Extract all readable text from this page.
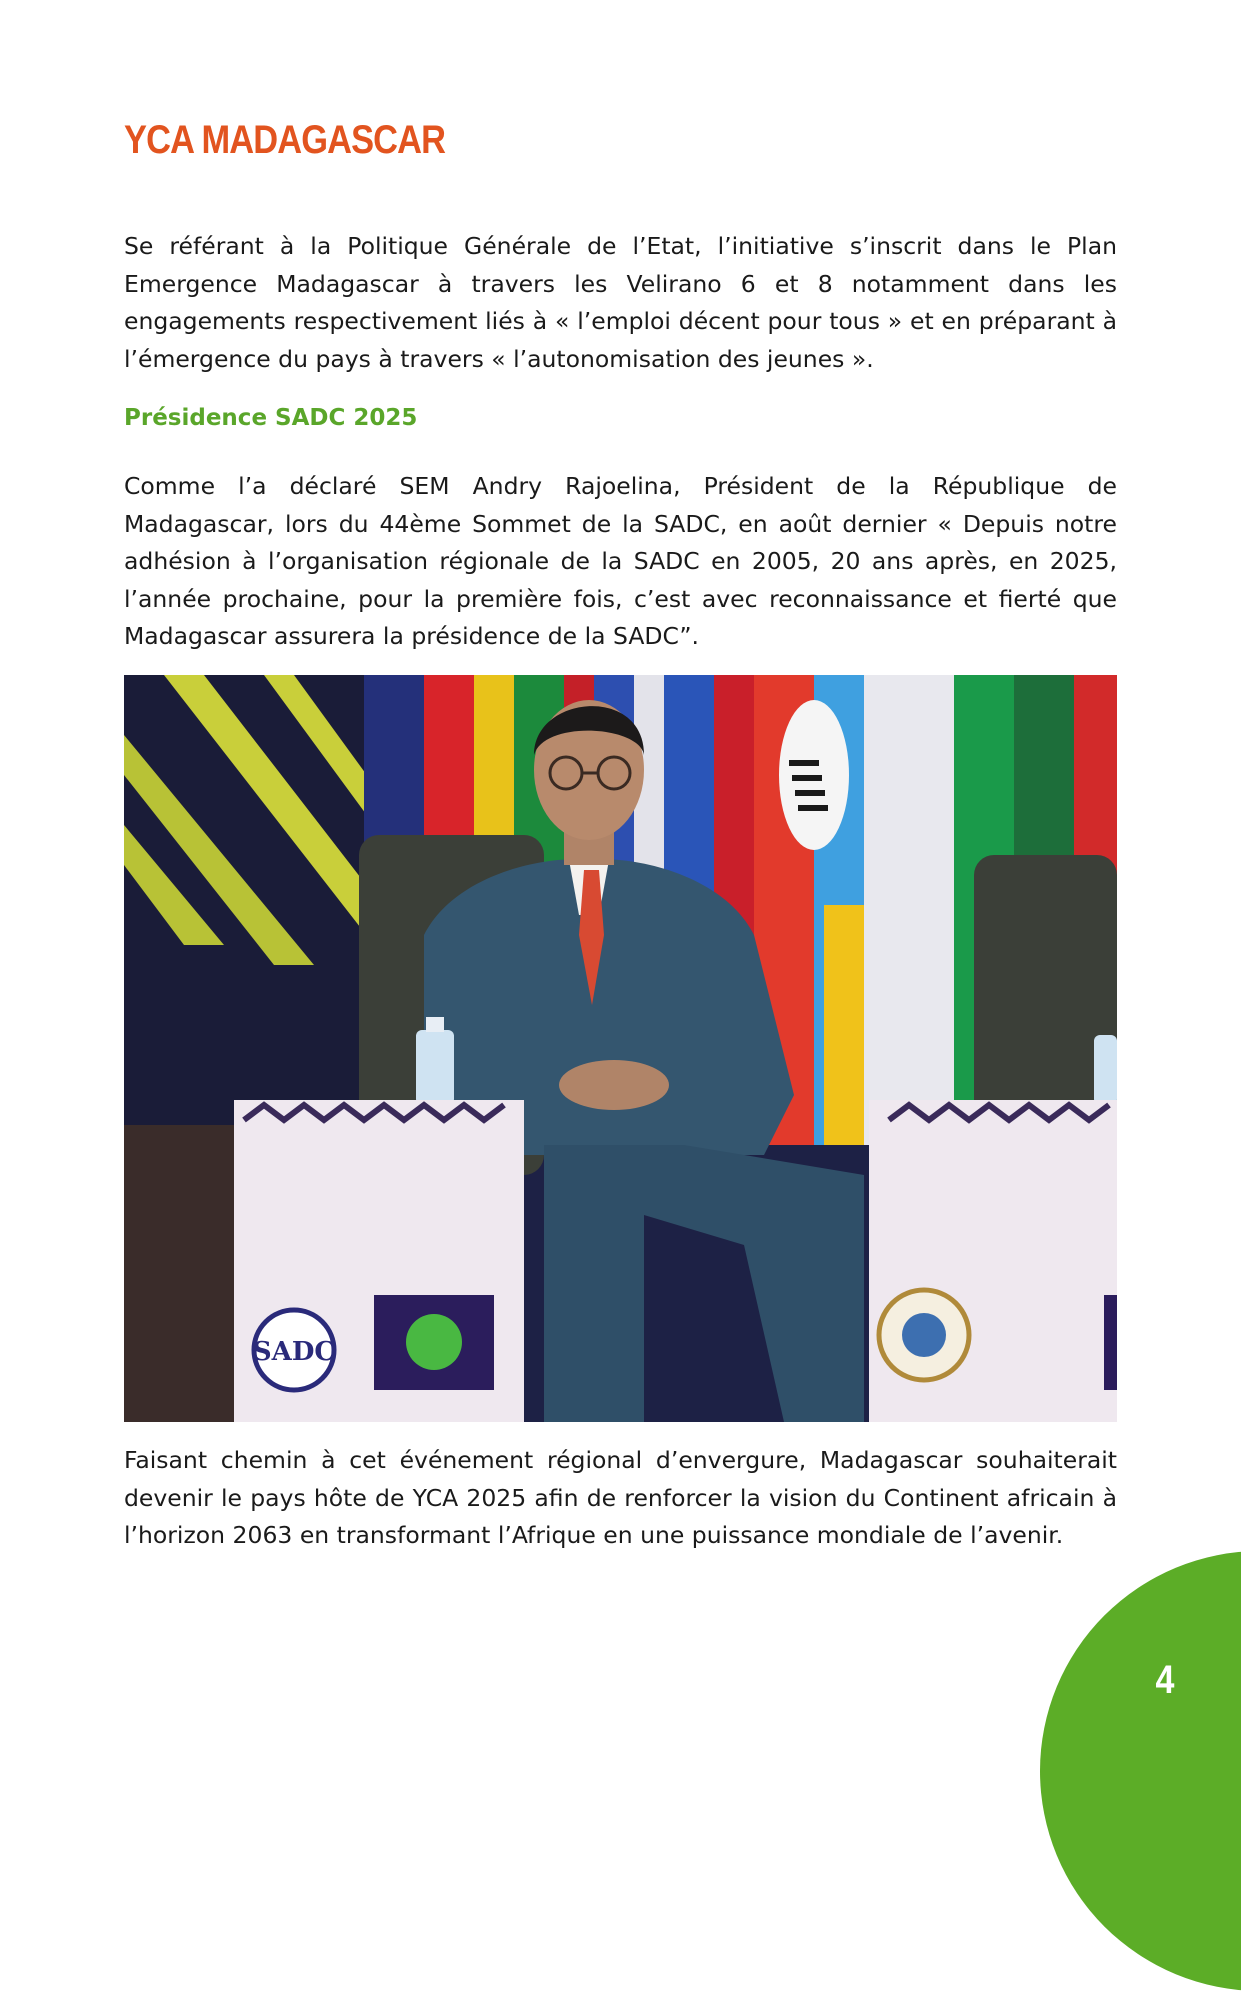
YCA MADAGASCAR

Se référant à la Politique Générale de l’Etat, l’initiative s’inscrit dans le Plan Emergence Madagascar à travers les Velirano 6 et 8 notamment dans les engagements respectivement liés à « l’emploi décent pour tous » et en préparant à l’émergence du pays à travers « l’autonomisation des jeunes ».

Présidence SADC 2025

Comme l’a déclaré SEM Andry Rajoelina, Président de la République de Madagascar, lors du 44ème Sommet de la SADC, en août dernier « Depuis notre adhésion à l’organisation régionale de la SADC en 2005, 20 ans après, en 2025, l’année prochaine, pour la première fois, c’est avec reconnaissance et fierté que Madagascar assurera la présidence de la SADC”.

SADC

Faisant chemin à cet événement régional d’envergure, Madagascar souhaiterait devenir le pays hôte de YCA 2025 afin de renforcer la vision du Continent africain à l’horizon 2063 en transformant l’Afrique en une puissance mondiale de l’avenir.

4
